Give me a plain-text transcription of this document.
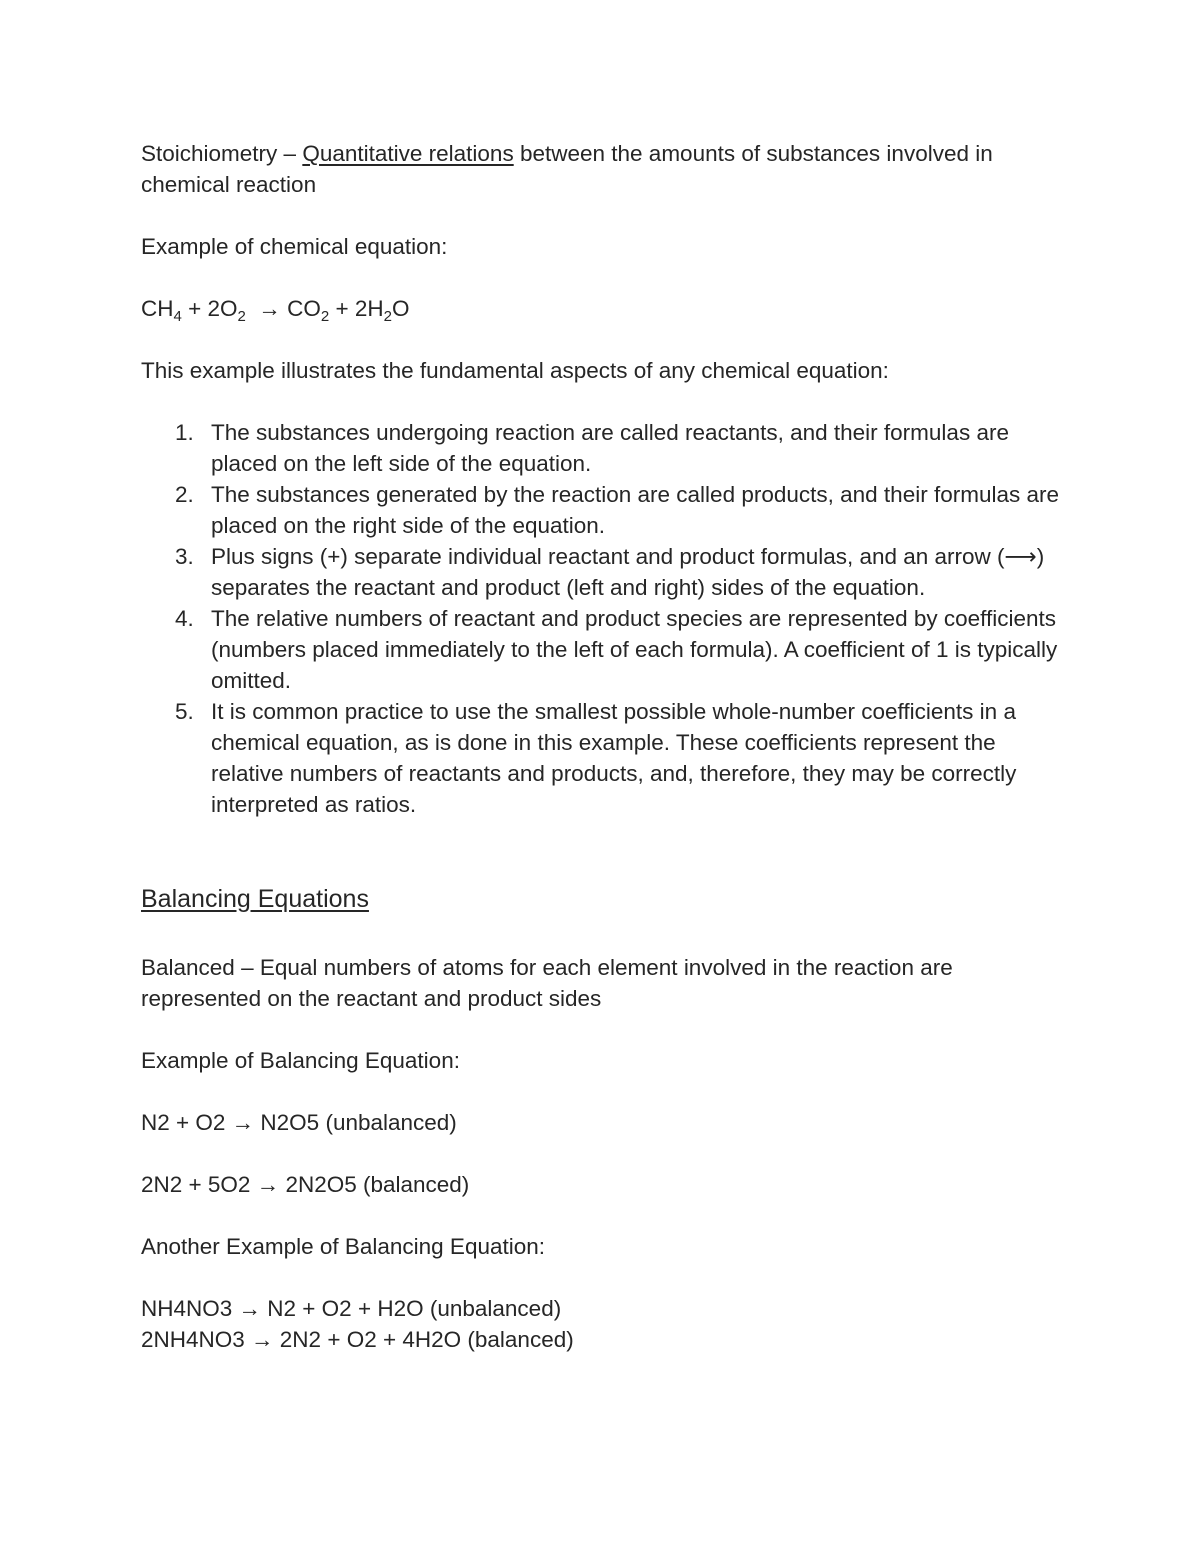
Stoichiometry – Quantitative relations between the amounts of substances involved in chemical reaction

Example of chemical equation:

$CH_4 + 2O_2 \to CO_2 + 2H_2O$

This example illustrates the fundamental aspects of any chemical equation:

1. The substances undergoing reaction are called reactants, and their formulas are placed on the left side of the equation.
2. The substances generated by the reaction are called products, and their formulas are placed on the right side of the equation.
3. Plus signs (+) separate individual reactant and product formulas, and an arrow (⟶) separates the reactant and product (left and right) sides of the equation.
4. The relative numbers of reactant and product species are represented by coefficients (numbers placed immediately to the left of each formula). A coefficient of 1 is typically omitted.
5. It is common practice to use the smallest possible whole-number coefficients in a chemical equation, as is done in this example. These coefficients represent the relative numbers of reactants and products, and, therefore, they may be correctly interpreted as ratios.

Balancing Equations

Balanced – Equal numbers of atoms for each element involved in the reaction are represented on the reactant and product sides

Example of Balancing Equation:

N2 + O2 → N2O5 (unbalanced)

2N2 + 5O2 → 2N2O5 (balanced)

Another Example of Balancing Equation:

NH4NO3 → N2 + O2 + H2O (unbalanced)

2NH4NO3 → 2N2 + O2 + 4H2O (balanced)
